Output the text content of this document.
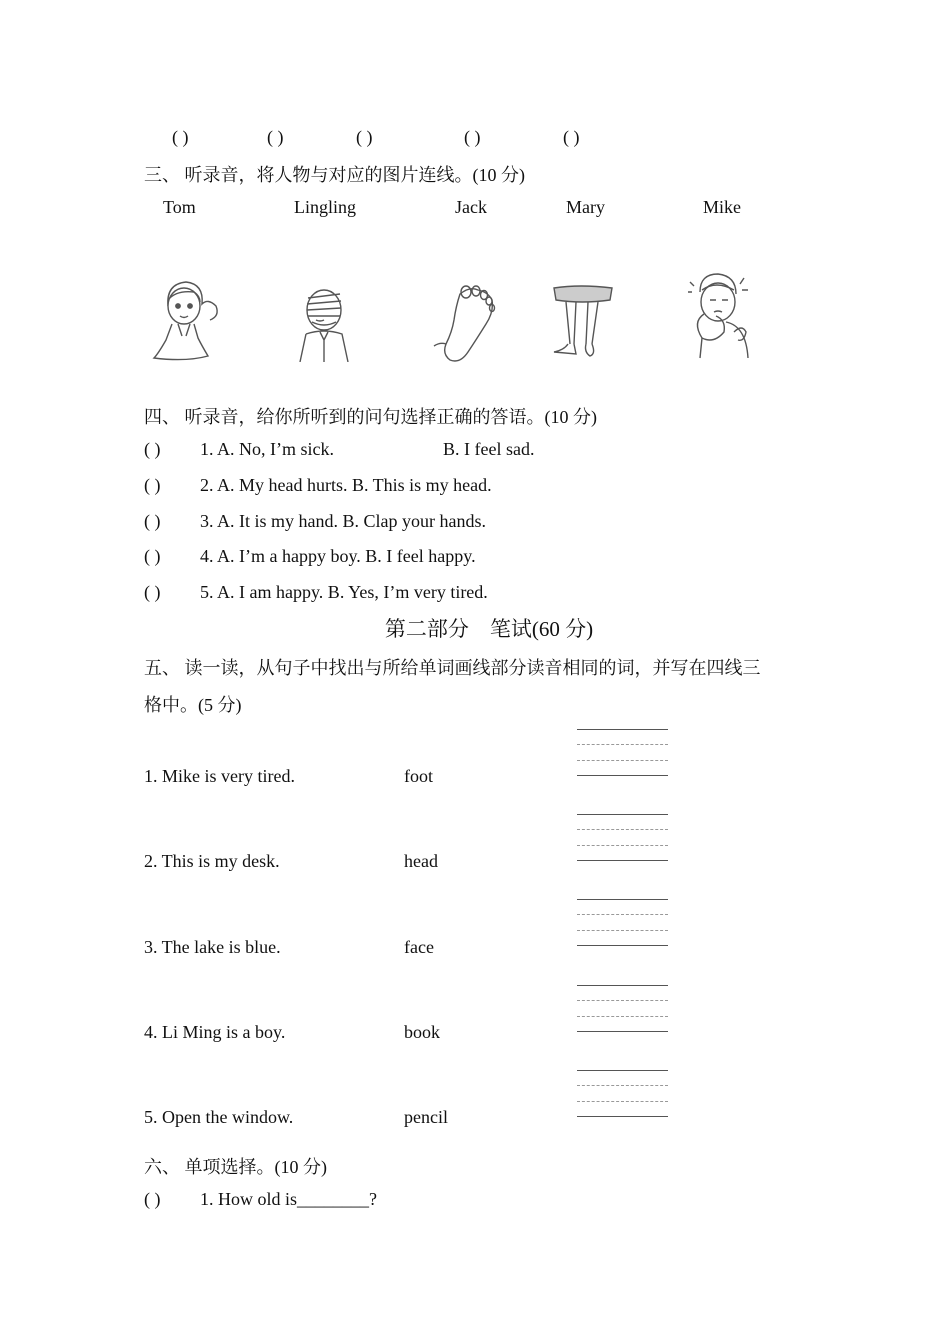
( )	( )	( )	( )	( )
三、 听录音，将人物与对应的图片连线。(10 分)
Tom	Lingling	Jack	Mary	Mike
四、 听录音，给你所听到的问句选择正确的答语。(10 分)
( ) 1. A. No, I’m sick.	B. I feel sad.
( ) 2. A. My head hurts. B. This is my head.
( ) 3. A. It is my hand. B. Clap your hands.
( ) 4. A. I’m a happy boy. B. I feel happy.
( ) 5. A. I am happy. B. Yes, I’m very tired.
第二部分　笔试(60 分)
五、 读一读，从句子中找出与所给单词画线部分读音相同的词，并写在四线三
格中。(5 分)
1. Mike is very tired.	foot
2. This is my desk.	head
3. The lake is blue.	face
4. Li Ming is a boy.	book
5. Open the window.	pencil
六、 单项选择。(10 分)
( ) 1. How old is________?
